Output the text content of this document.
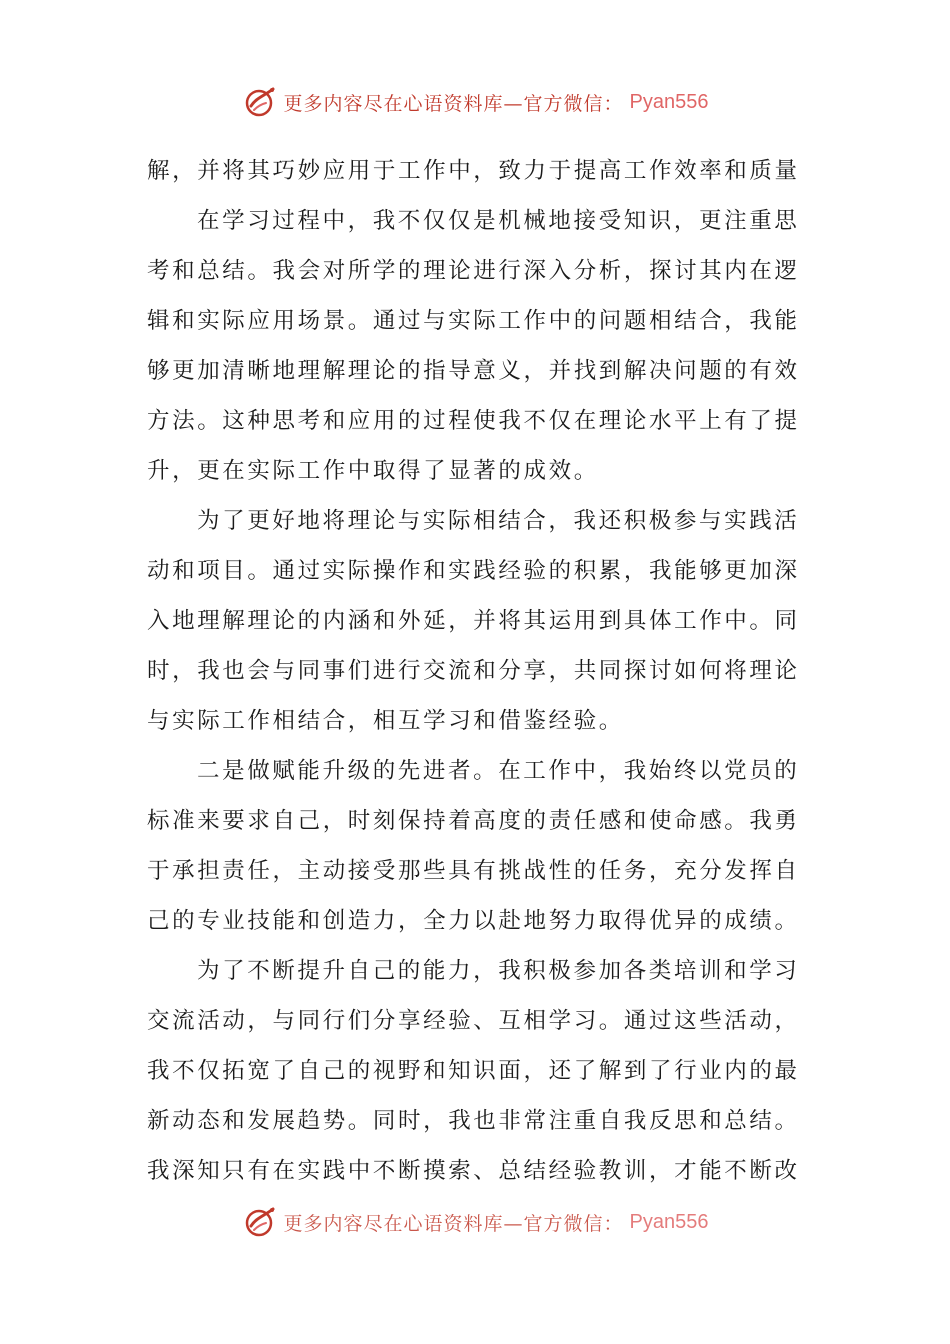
更多内容尽在心语资料库—官方微信： Pyan556
解，并将其巧妙应用于工作中，致力于提高工作效率和质量
在学习过程中，我不仅仅是机械地接受知识，更注重思
考和总结。我会对所学的理论进行深入分析，探讨其内在逻
辑和实际应用场景。通过与实际工作中的问题相结合，我能
够更加清晰地理解理论的指导意义，并找到解决问题的有效
方法。这种思考和应用的过程使我不仅在理论水平上有了提
升，更在实际工作中取得了显著的成效。
为了更好地将理论与实际相结合，我还积极参与实践活
动和项目。通过实际操作和实践经验的积累，我能够更加深
入地理解理论的内涵和外延，并将其运用到具体工作中。同
时，我也会与同事们进行交流和分享，共同探讨如何将理论
与实际工作相结合，相互学习和借鉴经验。
二是做赋能升级的先进者。在工作中，我始终以党员的
标准来要求自己，时刻保持着高度的责任感和使命感。我勇
于承担责任，主动接受那些具有挑战性的任务，充分发挥自
己的专业技能和创造力，全力以赴地努力取得优异的成绩。
为了不断提升自己的能力，我积极参加各类培训和学习
交流活动，与同行们分享经验、互相学习。通过这些活动，
我不仅拓宽了自己的视野和知识面，还了解到了行业内的最
新动态和发展趋势。同时，我也非常注重自我反思和总结。
我深知只有在实践中不断摸索、总结经验教训，才能不断改
更多内容尽在心语资料库—官方微信： Pyan556
